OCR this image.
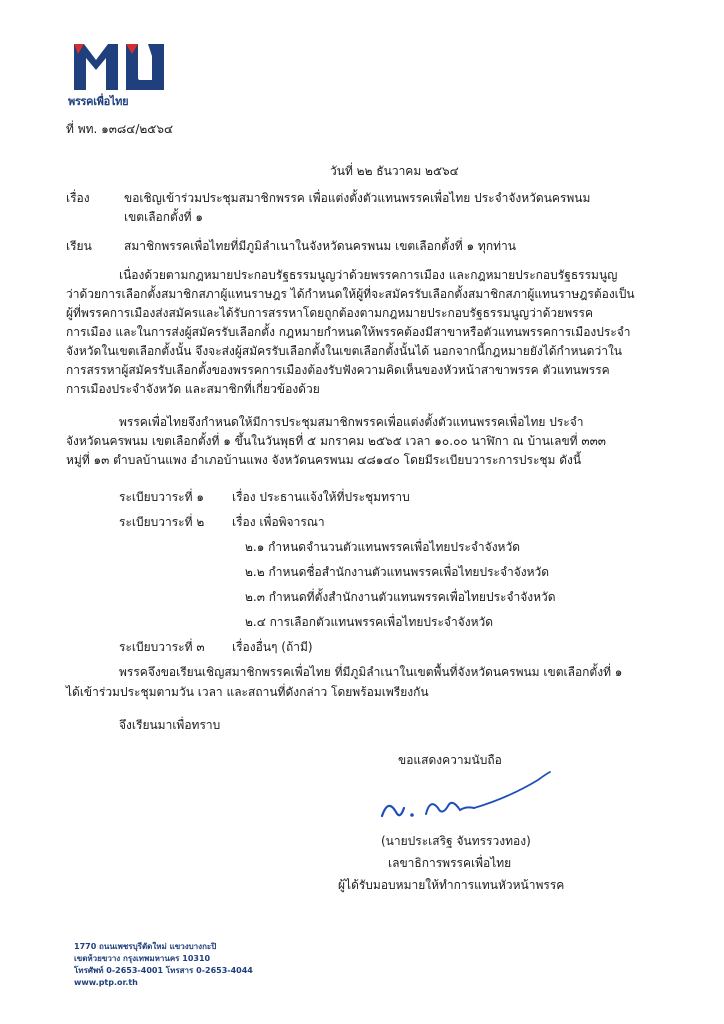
พรรคเพื่อไทย
ที่ พท. ๑๓๘๔/๒๕๖๔
วันที่ ๒๒ ธันวาคม ๒๕๖๔
เรื่อง	ขอเชิญเข้าร่วมประชุมสมาชิกพรรค เพื่อแต่งตั้งตัวแทนพรรคเพื่อไทย ประจำจังหวัดนครพนม
เขตเลือกตั้งที่ ๑
เรียน	สมาชิกพรรคเพื่อไทยที่มีภูมิลำเนาในจังหวัดนครพนม เขตเลือกตั้งที่ ๑ ทุกท่าน
เนื่องด้วยตามกฎหมายประกอบรัฐธรรมนูญว่าด้วยพรรคการเมือง และกฎหมายประกอบรัฐธรรมนูญ
ว่าด้วยการเลือกตั้งสมาชิกสภาผู้แทนราษฎร ได้กำหนดให้ผู้ที่จะสมัครรับเลือกตั้งสมาชิกสภาผู้แทนราษฎรต้องเป็น
ผู้ที่พรรคการเมืองส่งสมัครและได้รับการสรรหาโดยถูกต้องตามกฎหมายประกอบรัฐธรรมนูญว่าด้วยพรรค
การเมือง และในการส่งผู้สมัครรับเลือกตั้ง กฎหมายกำหนดให้พรรคต้องมีสาขาหรือตัวแทนพรรคการเมืองประจำ
จังหวัดในเขตเลือกตั้งนั้น จึงจะส่งผู้สมัครรับเลือกตั้งในเขตเลือกตั้งนั้นได้ นอกจากนี้กฎหมายยังได้กำหนดว่าใน
การสรรหาผู้สมัครรับเลือกตั้งของพรรคการเมืองต้องรับฟังความคิดเห็นของหัวหน้าสาขาพรรค ตัวแทนพรรค
การเมืองประจำจังหวัด และสมาชิกที่เกี่ยวข้องด้วย
พรรคเพื่อไทยจึงกำหนดให้มีการประชุมสมาชิกพรรคเพื่อแต่งตั้งตัวแทนพรรคเพื่อไทย ประจำ
จังหวัดนครพนม เขตเลือกตั้งที่ ๑ ขึ้นในวันพุธที่ ๕ มกราคม ๒๕๖๕ เวลา ๑๐.๐๐ นาฬิกา ณ บ้านเลขที่ ๓๓๓
หมู่ที่ ๑๓ ตำบลบ้านแพง อำเภอบ้านแพง จังหวัดนครพนม ๔๘๑๔๐ โดยมีระเบียบวาระการประชุม ดังนี้
ระเบียบวาระที่ ๑ เรื่อง ประธานแจ้งให้ที่ประชุมทราบ
ระเบียบวาระที่ ๒ เรื่อง เพื่อพิจารณา
๒.๑ กำหนดจำนวนตัวแทนพรรคเพื่อไทยประจำจังหวัด
๒.๒ กำหนดชื่อสำนักงานตัวแทนพรรคเพื่อไทยประจำจังหวัด
๒.๓ กำหนดที่ตั้งสำนักงานตัวแทนพรรคเพื่อไทยประจำจังหวัด
๒.๔ การเลือกตัวแทนพรรคเพื่อไทยประจำจังหวัด
ระเบียบวาระที่ ๓ เรื่องอื่นๆ (ถ้ามี)
พรรคจึงขอเรียนเชิญสมาชิกพรรคเพื่อไทย ที่มีภูมิลำเนาในเขตพื้นที่จังหวัดนครพนม เขตเลือกตั้งที่ ๑
ได้เข้าร่วมประชุมตามวัน เวลา และสถานที่ดังกล่าว โดยพร้อมเพรียงกัน
จึงเรียนมาเพื่อทราบ
ขอแสดงความนับถือ
(นายประเสริฐ จันทรรวงทอง)
เลขาธิการพรรคเพื่อไทย
ผู้ได้รับมอบหมายให้ทำการแทนหัวหน้าพรรค
1770 ถนนเพชรบุรีตัดใหม่ แขวงบางกะปิ
เขตห้วยขวาง กรุงเทพมหานคร 10310
โทรศัพท์ 0-2653-4001 โทรสาร 0-2653-4044
www.ptp.or.th
